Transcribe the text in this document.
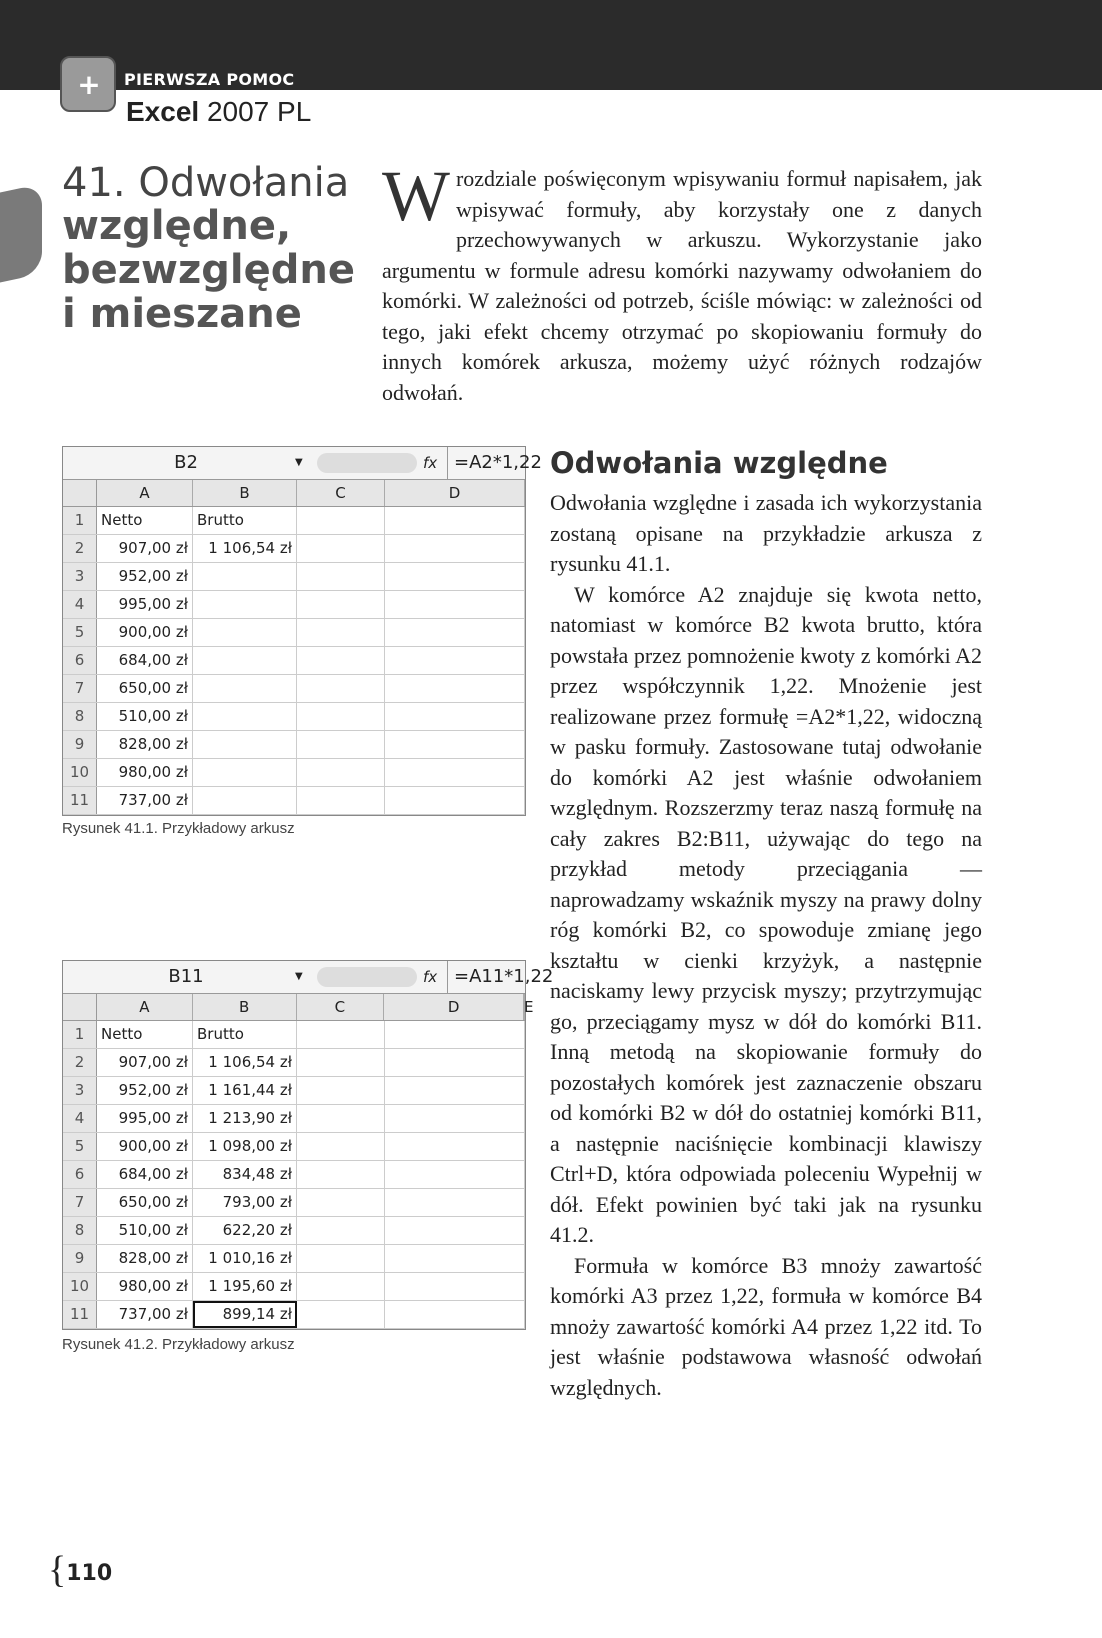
+ PIERWSZA POMOC
Excel 2007 PL
41. Odwołania
względne,
bezwzględne
i mieszane
W rozdziale poświęconym wpisywaniu formuł napisałem, jak wpisywać formuły, aby korzystały one z danych przechowywanych w arkuszu. Wykorzystanie jako argumentu w formule adresu komórki nazywamy odwołaniem do komórki. W zależności od potrzeb, ściśle mówiąc: w zależności od tego, jaki efekt chcemy otrzymać po skopiowaniu formuły do innych komórek arkusza, możemy użyć różnych rodzajów odwołań.
Odwołania względne

Odwołania względne i zasada ich wykorzystania zostaną opisane na przykładzie arkusza z rysunku 41.1.

W komórce A2 znajduje się kwota netto, natomiast w komórce B2 kwota brutto, która powstała przez pomnożenie kwoty z komórki A2 przez współczynnik 1,22. Mnożenie jest realizowane przez formułę =A2*1,22, widoczną w pasku formuły. Zastosowane tutaj odwołanie do komórki A2 jest właśnie odwołaniem względnym. Rozszerzmy teraz naszą formułę na cały zakres B2:B11, używając do tego na przykład metody przeciągania — naprowadzamy wskaźnik myszy na prawy dolny róg komórki B2, co spowoduje zmianę jego kształtu w cienki krzyżyk, a następnie naciskamy lewy przycisk myszy; przytrzymując go, przeciągamy mysz w dół do komórki B11. Inną metodą na skopiowanie formuły do pozostałych komórek jest zaznaczenie obszaru od komórki B2 w dół do ostatniej komórki B11, a następnie naciśnięcie kombinacji klawiszy Ctrl+D, która odpowiada poleceniu Wypełnij w dół. Efekt powinien być taki jak na rysunku 41.2.

Formuła w komórce B3 mnoży zawartość komórki A3 przez 1,22, formuła w komórce B4 mnoży zawartość komórki A4 przez 1,22 itd. To jest właśnie podstawowa własność odwołań względnych.

B2	▼	fx =A2*1,22
A	B	C	D
1	Netto	Brutto
2	907,00 zł	1 106,54 zł
3	952,00 zł
4	995,00 zł
5	900,00 zł
6	684,00 zł
7	650,00 zł
8	510,00 zł
9	828,00 zł
10	980,00 zł
11	737,00 zł
Rysunek 41.1. Przykładowy arkusz
B11	▼	fx =A11*1,22
A	B	C	D	E
1	Netto	Brutto
2	907,00 zł	1 106,54 zł
3	952,00 zł	1 161,44 zł
4	995,00 zł	1 213,90 zł
5	900,00 zł	1 098,00 zł
6	684,00 zł	834,48 zł
7	650,00 zł	793,00 zł
8	510,00 zł	622,20 zł
9	828,00 zł	1 010,16 zł
10	980,00 zł	1 195,60 zł
11	737,00 zł	899,14 zł
Rysunek 41.2. Przykładowy arkusz
{110
